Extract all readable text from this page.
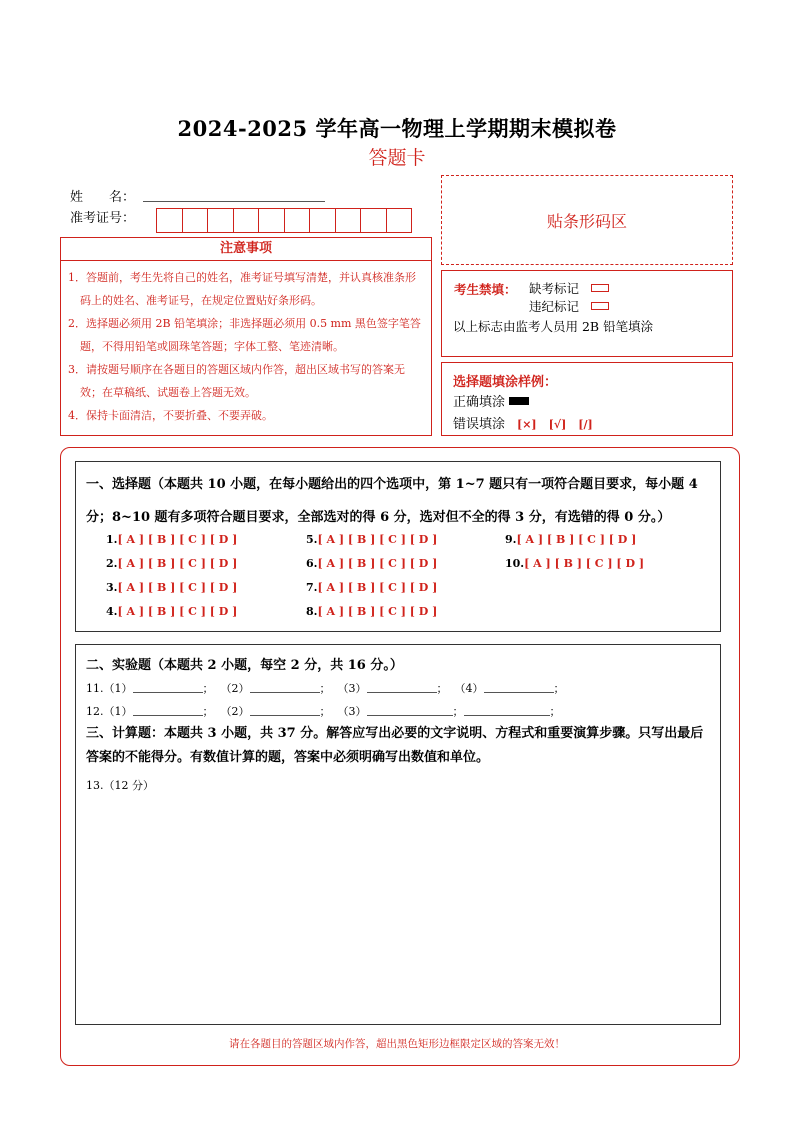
2024-2025 学年高一物理上学期期末模拟卷
答题卡
姓　　名：
准考证号：	贴条形码区
注意事项
1．答题前，考生先将自己的姓名，准考证号填写清楚，并认真核准条形码上的姓名、准考证号，在规定位置贴好条形码。
2．选择题必须用 2B 铅笔填涂；非选择题必须用 0.5 mm 黑色签字笔答题，不得用铅笔或圆珠笔答题；字体工整、笔迹清晰。
3．请按题号顺序在各题目的答题区域内作答，超出区域书写的答案无效；在草稿纸、试题卷上答题无效。
4．保持卡面清洁，不要折叠、不要弄破。
考生禁填： 缺考标记
违纪标记
以上标志由监考人员用 2B 铅笔填涂
选择题填涂样例：
正确填涂
错误填涂 [×] [√] [/]
一、选择题（本题共 10 小题，在每小题给出的四个选项中，第 1~7 题只有一项符合题目要求，每小题 4 分；8~10 题有多项符合题目要求，全部选对的得 6 分，选对但不全的得 3 分，有选错的得 0 分。）
1.[ A ] [ B ] [ C ] [ D ]
2.[ A ] [ B ] [ C ] [ D ]
3.[ A ] [ B ] [ C ] [ D ]
4.[ A ] [ B ] [ C ] [ D ]
5.[ A ] [ B ] [ C ] [ D ]
6.[ A ] [ B ] [ C ] [ D ]
7.[ A ] [ B ] [ C ] [ D ]
8.[ A ] [ B ] [ C ] [ D ]
9.[ A ] [ B ] [ C ] [ D ]
10.[ A ] [ B ] [ C ] [ D ]
二、实验题（本题共 2 小题，每空 2 分，共 16 分。）
11.（1）	； （2）	； （3）	； （4）	；
12.（1）	； （2）	； （3）	；	；
三、计算题：本题共 3 小题，共 37 分。解答应写出必要的文字说明、方程式和重要演算步骤。只写出最后答案的不能得分。有数值计算的题，答案中必须明确写出数值和单位。
13.（12 分）
请在各题目的答题区域内作答，超出黑色矩形边框限定区域的答案无效！
